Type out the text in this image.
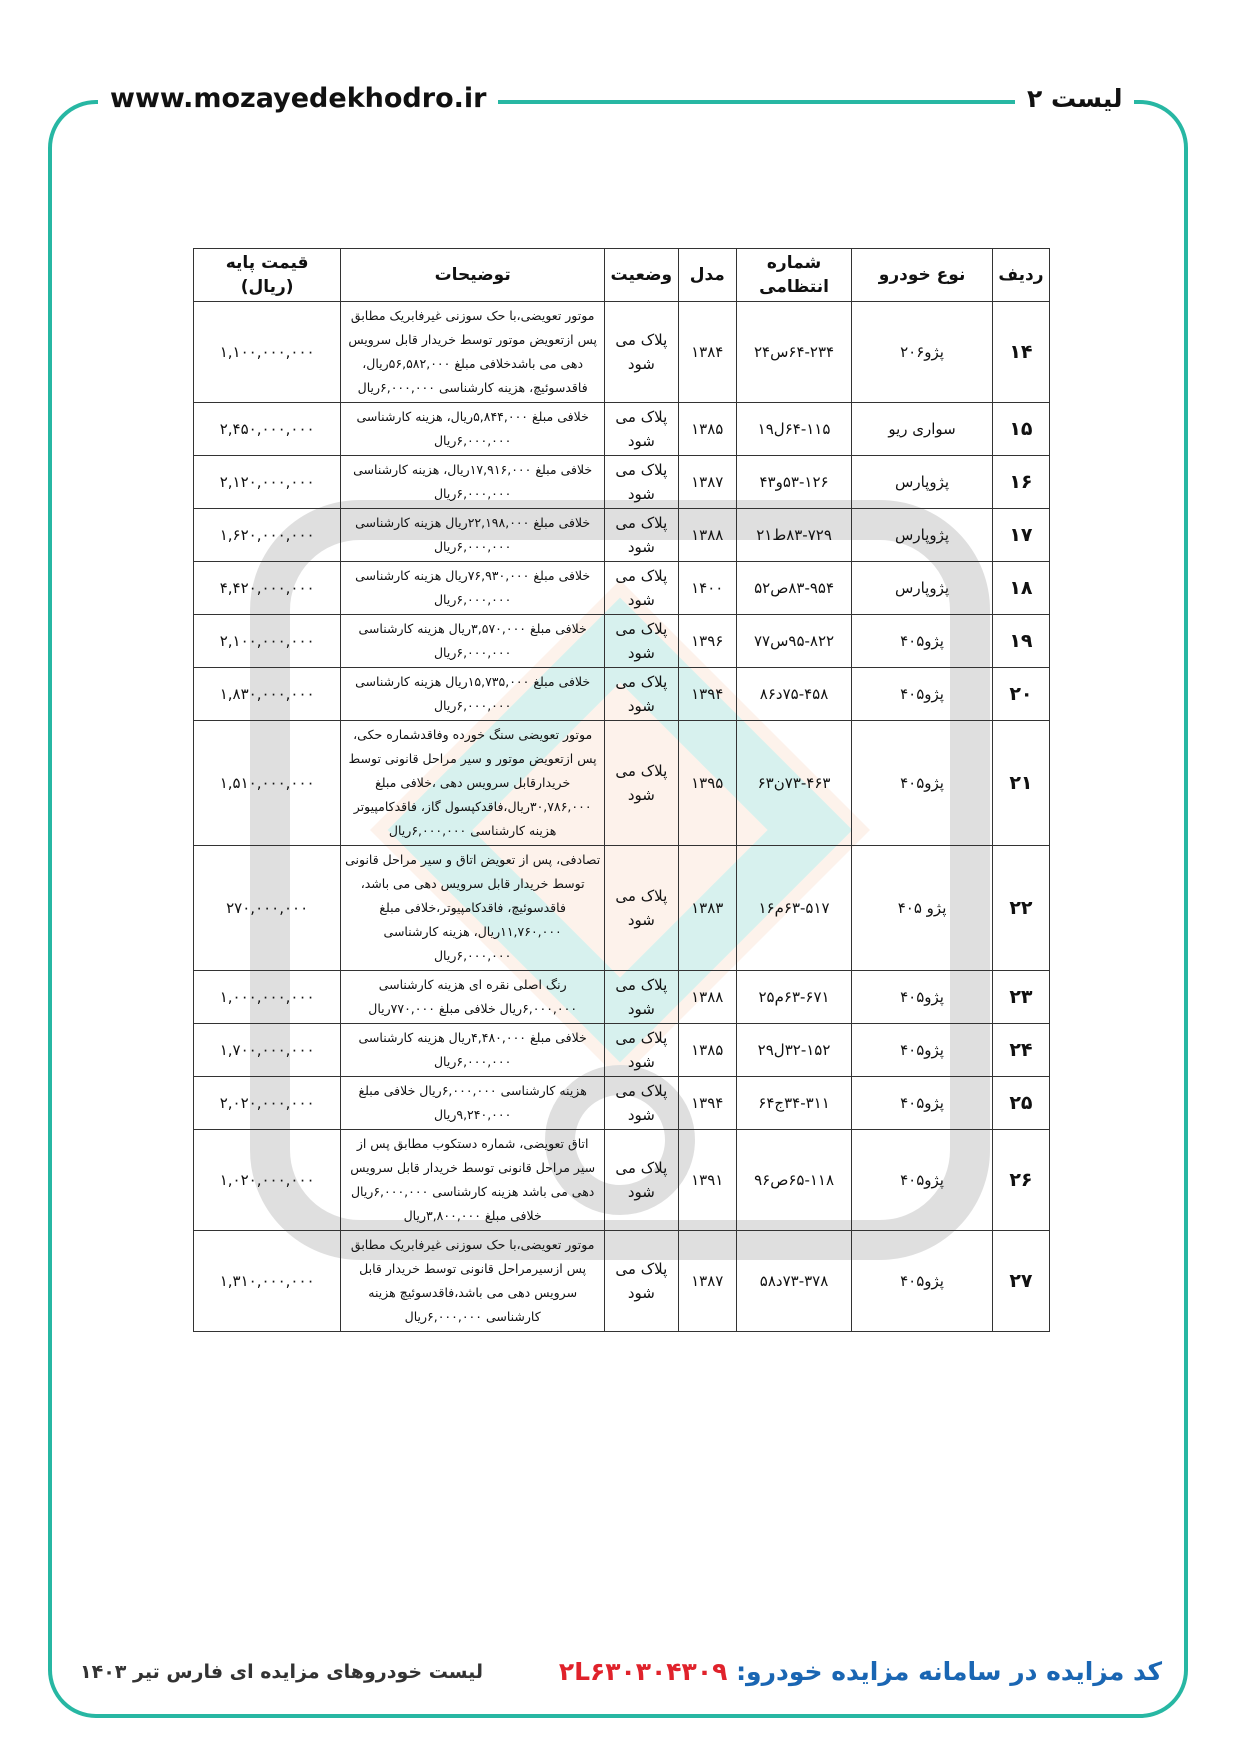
www.mozayedekhodro.ir	لیست ۲
ردیف	نوع خودرو	شماره انتظامی	مدل	وضعیت	توضیحات	قیمت پایه (ریال)
۱۴	پژو۲۰۶	۶۴-۲۳۴س۲۴	۱۳۸۴	پلاک می شود	موتور تعویضی،با حک سوزنی غیرفابریک مطابق پس ازتعویض موتور توسط خریدار قابل سرویس دهی می باشدخلافی مبلغ ۵۶,۵۸۲,۰۰۰ریال، فاقدسوئیچ، هزینه کارشناسی ۶,۰۰۰,۰۰۰ریال	۱,۱۰۰,۰۰۰,۰۰۰
۱۵	سواری ریو	۶۴-۱۱۵ل۱۹	۱۳۸۵	پلاک می شود	خلافی مبلغ ۵,۸۴۴,۰۰۰ریال، هزینه کارشناسی ۶,۰۰۰,۰۰۰ریال	۲,۴۵۰,۰۰۰,۰۰۰
۱۶	پژوپارس	۵۳-۱۲۶و۴۳	۱۳۸۷	پلاک می شود	خلافی مبلغ ۱۷,۹۱۶,۰۰۰ریال، هزینه کارشناسی ۶,۰۰۰,۰۰۰ریال	۲,۱۲۰,۰۰۰,۰۰۰
۱۷	پژوپارس	۸۳-۷۲۹ط۲۱	۱۳۸۸	پلاک می شود	خلافی مبلغ ۲۲,۱۹۸,۰۰۰ریال هزینه کارشناسی ۶,۰۰۰,۰۰۰ریال	۱,۶۲۰,۰۰۰,۰۰۰
۱۸	پژوپارس	۸۳-۹۵۴ص۵۲	۱۴۰۰	پلاک می شود	خلافی مبلغ ۷۶,۹۳۰,۰۰۰ریال هزینه کارشناسی ۶,۰۰۰,۰۰۰ریال	۴,۴۲۰,۰۰۰,۰۰۰
۱۹	پژو۴۰۵	۹۵-۸۲۲س۷۷	۱۳۹۶	پلاک می شود	خلافی مبلغ ۳,۵۷۰,۰۰۰ریال هزینه کارشناسی ۶,۰۰۰,۰۰۰ریال	۲,۱۰۰,۰۰۰,۰۰۰
۲۰	پژو۴۰۵	۷۵-۴۵۸د۸۶	۱۳۹۴	پلاک می شود	خلافی مبلغ ۱۵,۷۳۵,۰۰۰ریال هزینه کارشناسی ۶,۰۰۰,۰۰۰ریال	۱,۸۳۰,۰۰۰,۰۰۰
۲۱	پژو۴۰۵	۷۳-۴۶۳ن۶۳	۱۳۹۵	پلاک می شود	موتور تعویضی سنگ خورده وفاقدشماره حکی، پس ازتعویض موتور و سیر مراحل قانونی توسط خریدارقابل سرویس دهی ،خلافی مبلغ ۳۰,۷۸۶,۰۰۰ریال،فاقدکپسول گاز، فاقدکامپیوتر هزینه کارشناسی ۶,۰۰۰,۰۰۰ریال	۱,۵۱۰,۰۰۰,۰۰۰
۲۲	پژو ۴۰۵	۶۳-۵۱۷م۱۶	۱۳۸۳	پلاک می شود	تصادفی، پس از تعویض اتاق و سیر مراحل قانونی توسط خریدار قابل سرویس دهی می باشد، فاقدسوئیچ، فاقدکامپیوتر،خلافی مبلغ ۱۱,۷۶۰,۰۰۰ریال، هزینه کارشناسی ۶,۰۰۰,۰۰۰ریال	۲۷۰,۰۰۰,۰۰۰
۲۳	پژو۴۰۵	۶۳-۶۷۱م۲۵	۱۳۸۸	پلاک می شود	رنگ اصلی نقره ای هزینه کارشناسی ۶,۰۰۰,۰۰۰ریال خلافی مبلغ ۷۷۰,۰۰۰ریال	۱,۰۰۰,۰۰۰,۰۰۰
۲۴	پژو۴۰۵	۳۲-۱۵۲ل۲۹	۱۳۸۵	پلاک می شود	خلافی مبلغ ۴,۴۸۰,۰۰۰ریال هزینه کارشناسی ۶,۰۰۰,۰۰۰ریال	۱,۷۰۰,۰۰۰,۰۰۰
۲۵	پژو۴۰۵	۳۴-۳۱۱ج۶۴	۱۳۹۴	پلاک می شود	هزینه کارشناسی ۶,۰۰۰,۰۰۰ریال خلافی مبلغ ۹,۲۴۰,۰۰۰ریال	۲,۰۲۰,۰۰۰,۰۰۰
۲۶	پژو۴۰۵	۶۵-۱۱۸ص۹۶	۱۳۹۱	پلاک می شود	اتاق تعویضی، شماره دستکوب مطابق پس از سیر مراحل قانونی توسط خریدار قابل سرویس دهی می باشد هزینه کارشناسی ۶,۰۰۰,۰۰۰ریال خلافی مبلغ ۳,۸۰۰,۰۰۰ریال	۱,۰۲۰,۰۰۰,۰۰۰
۲۷	پژو۴۰۵	۷۳-۳۷۸د۵۸	۱۳۸۷	پلاک می شود	موتور تعویضی،با حک سوزنی غیرفابریک مطابق پس ازسیرمراحل قانونی توسط خریدار قابل سرویس دهی می باشد،فاقدسوئیچ هزینه کارشناسی ۶,۰۰۰,۰۰۰ریال	۱,۳۱۰,۰۰۰,۰۰۰
کد مزایده در سامانه مزایده خودرو: ۲L۶۳۰۳۰۴۳۰۹
لیست خودروهای مزایده ای فارس تیر ۱۴۰۳
